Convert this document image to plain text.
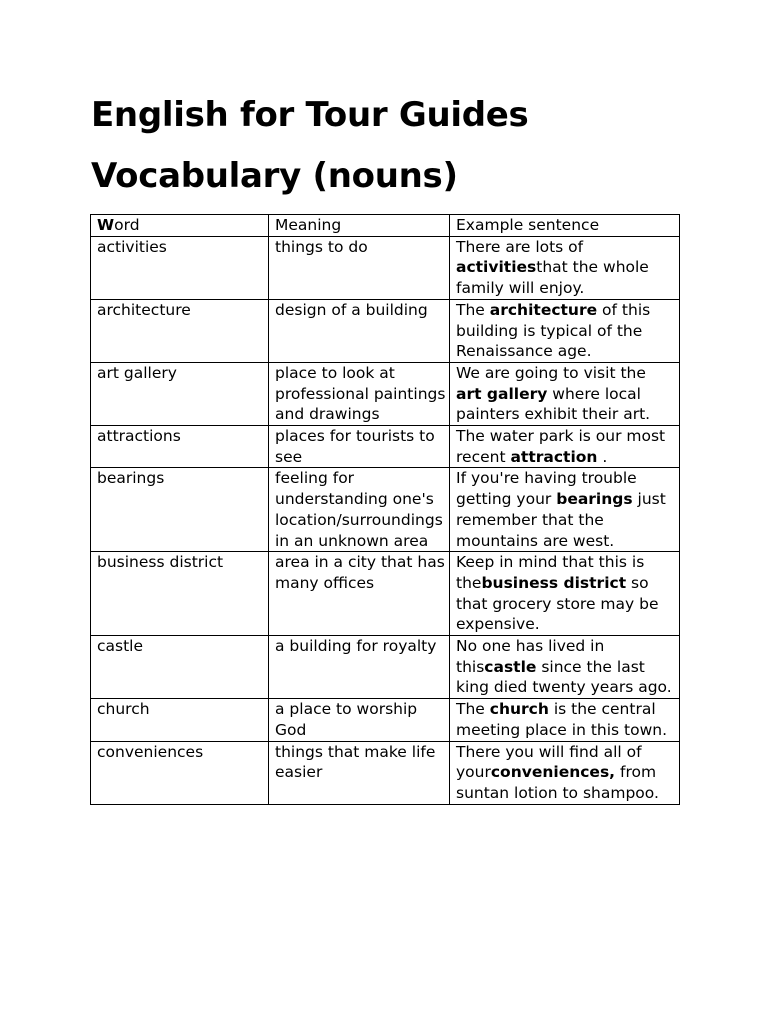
English for Tour Guides
Vocabulary (nouns)
Word	Meaning	Example sentence
activities	things to do	There are lots of activitiesthat the whole family will enjoy.
architecture	design of a building	The architecture of this building is typical of the Renaissance age.
art gallery	place to look at professional paintings and drawings	We are going to visit the art gallery where local painters exhibit their art.
attractions	places for tourists to see	The water park is our most recent attraction .
bearings	feeling for understanding one's location/surroundings in an unknown area	If you're having trouble getting your bearings just remember that the mountains are west.
business district	area in a city that has many offices	Keep in mind that this is thebusiness district so that grocery store may be expensive.
castle	a building for royalty	No one has lived in thiscastle since the last king died twenty years ago.
church	a place to worship God	The church is the central meeting place in this town.
conveniences	things that make life easier	There you will find all of yourconveniences, from suntan lotion to shampoo.
